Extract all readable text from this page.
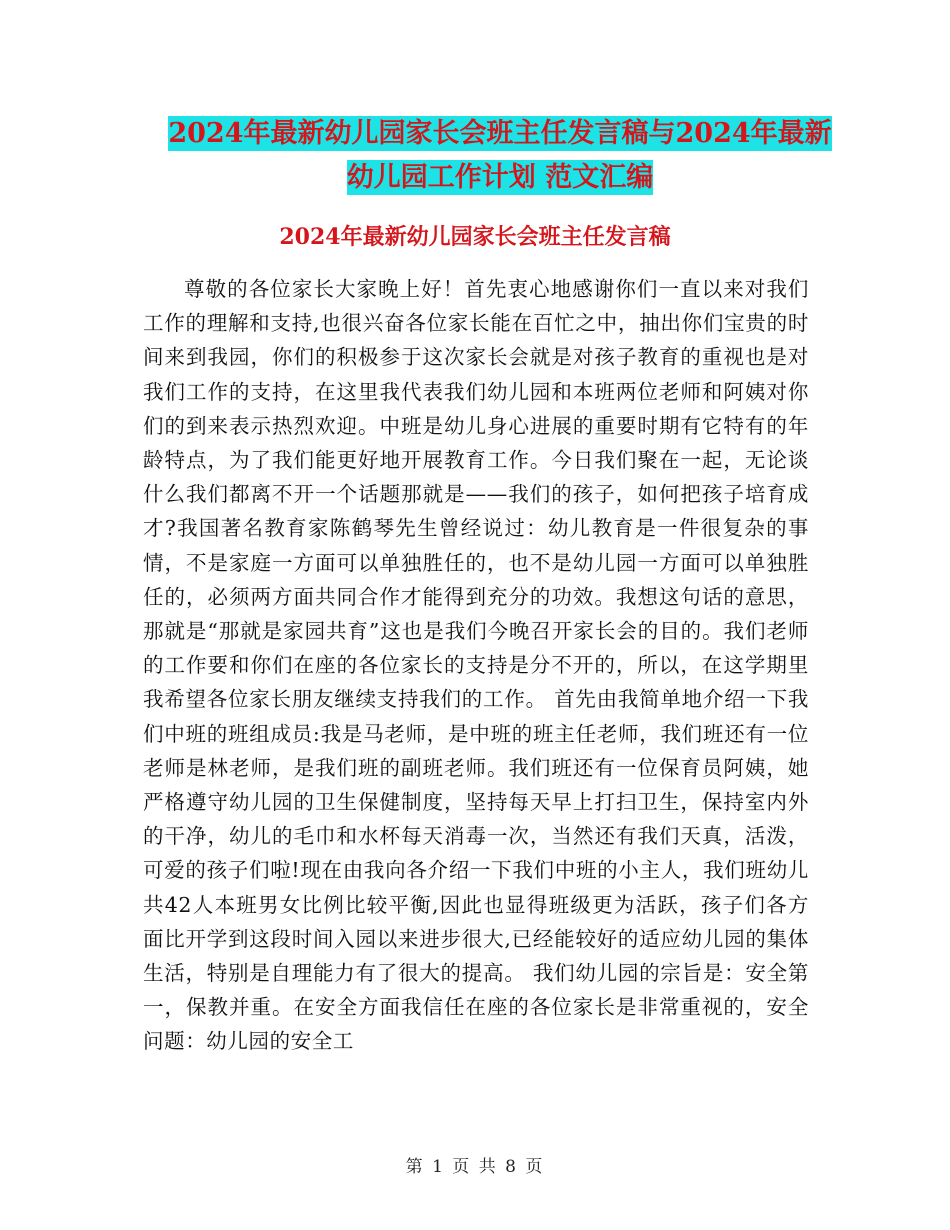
2024年最新幼儿园家长会班主任发言稿与2024年最新
幼儿园工作计划 范文汇编
2024年最新幼儿园家长会班主任发言稿
尊敬的各位家长大家晚上好！首先衷心地感谢你们一直以来对我们工作的理解和支持,也很兴奋各位家长能在百忙之中，抽出你们宝贵的时间来到我园，你们的积极参于这次家长会就是对孩子教育的重视也是对我们工作的支持，在这里我代表我们幼儿园和本班两位老师和阿姨对你们的到来表示热烈欢迎。中班是幼儿身心进展的重要时期有它特有的年龄特点，为了我们能更好地开展教育工作。今日我们聚在一起，无论谈什么我们都离不开一个话题那就是——我们的孩子，如何把孩子培育成才?我国著名教育家陈鹤琴先生曾经说过：幼儿教育是一件很复杂的事情，不是家庭一方面可以单独胜任的，也不是幼儿园一方面可以单独胜任的，必须两方面共同合作才能得到充分的功效。我想这句话的意思，那就是“那就是家园共育”这也是我们今晚召开家长会的目的。我们老师的工作要和你们在座的各位家长的支持是分不开的，所以，在这学期里我希望各位家长朋友继续支持我们的工作。 首先由我简单地介绍一下我们中班的班组成员:我是马老师，是中班的班主任老师，我们班还有一位老师是林老师，是我们班的副班老师。我们班还有一位保育员阿姨，她严格遵守幼儿园的卫生保健制度，坚持每天早上打扫卫生，保持室内外的干净，幼儿的毛巾和水杯每天消毒一次，当然还有我们天真，活泼，可爱的孩子们啦!现在由我向各介绍一下我们中班的小主人，我们班幼儿共42人本班男女比例比较平衡,因此也显得班级更为活跃，孩子们各方面比开学到这段时间入园以来进步很大,已经能较好的适应幼儿园的集体生活，特别是自理能力有了很大的提高。 我们幼儿园的宗旨是：安全第一，保教并重。在安全方面我信任在座的各位家长是非常重视的，安全问题：幼儿园的安全工
第 1 页 共 8 页
